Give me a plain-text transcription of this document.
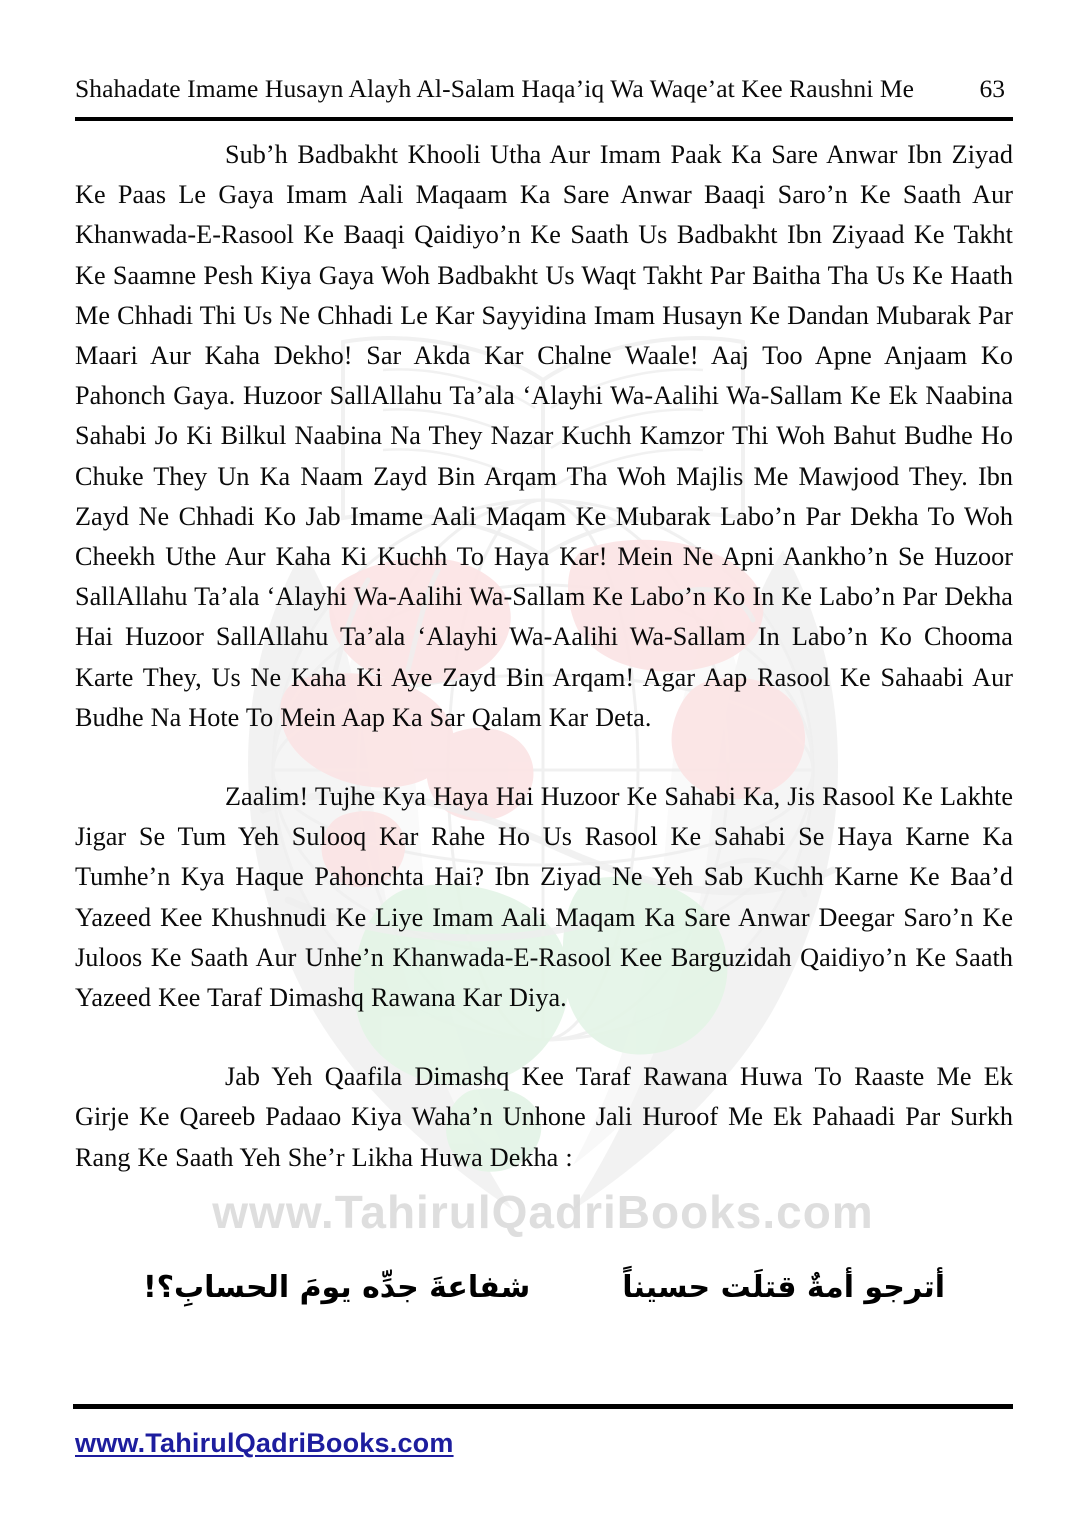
www.TahirulQadriBooks.com
Shahadate Imame Husayn Alayh Al-Salam Haqa’iq Wa Waqe’at Kee Raushni Me	63

Sub’h Badbakht Khooli Utha Aur Imam Paak Ka Sare Anwar Ibn Ziyad Ke Paas Le Gaya Imam Aali Maqaam Ka Sare Anwar Baaqi Saro’n Ke Saath Aur Khanwada-E-Rasool Ke Baaqi Qaidiyo’n Ke Saath Us Badbakht Ibn Ziyaad Ke Takht Ke Saamne Pesh Kiya Gaya Woh Badbakht Us Waqt Takht Par Baitha Tha Us Ke Haath Me Chhadi Thi Us Ne Chhadi Le Kar Sayyidina Imam Husayn Ke Dandan Mubarak Par Maari Aur Kaha Dekho! Sar Akda Kar Chalne Waale! Aaj Too Apne Anjaam Ko Pahonch Gaya. Huzoor SallAllahu Ta’ala ‘Alayhi Wa-Aalihi Wa-Sallam Ke Ek Naabina Sahabi Jo Ki Bilkul Naabina Na They Nazar Kuchh Kamzor Thi Woh Bahut Budhe Ho Chuke They Un Ka Naam Zayd Bin Arqam Tha Woh Majlis Me Mawjood They. Ibn Zayd Ne Chhadi Ko Jab Imame Aali Maqam Ke Mubarak Labo’n Par Dekha To Woh Cheekh Uthe Aur Kaha Ki Kuchh To Haya Kar! Mein Ne Apni Aankho’n Se Huzoor SallAllahu Ta’ala ‘Alayhi Wa-Aalihi Wa-Sallam Ke Labo’n Ko In Ke Labo’n Par Dekha Hai Huzoor SallAllahu Ta’ala ‘Alayhi Wa-Aalihi Wa-Sallam In Labo’n Ko Chooma Karte They, Us Ne Kaha Ki Aye Zayd Bin Arqam! Agar Aap Rasool Ke Sahaabi Aur Budhe Na Hote To Mein Aap Ka Sar Qalam Kar Deta.

Zaalim! Tujhe Kya Haya Hai Huzoor Ke Sahabi Ka, Jis Rasool Ke Lakhte Jigar Se Tum Yeh Sulooq Kar Rahe Ho Us Rasool Ke Sahabi Se Haya Karne Ka Tumhe’n Kya Haque Pahonchta Hai? Ibn Ziyad Ne Yeh Sab Kuchh Karne Ke Baa’d Yazeed Kee Khushnudi Ke Liye Imam Aali Maqam Ka Sare Anwar Deegar Saro’n Ke Juloos Ke Saath Aur Unhe’n Khanwada-E-Rasool Kee Barguzidah Qaidiyo’n Ke Saath Yazeed Kee Taraf Dimashq Rawana Kar Diya.

Jab Yeh Qaafila Dimashq Kee Taraf Rawana Huwa To Raaste Me Ek Girje Ke Qareeb Padaao Kiya Waha’n Unhone Jali Huroof Me Ek Pahaadi Par Surkh Rang Ke Saath Yeh She’r Likha Huwa Dekha :

أترجو أمةٌ قتلَت حسيناً
شفاعةَ جدِّه يومَ الحسابِ؟!
www.TahirulQadriBooks.com
